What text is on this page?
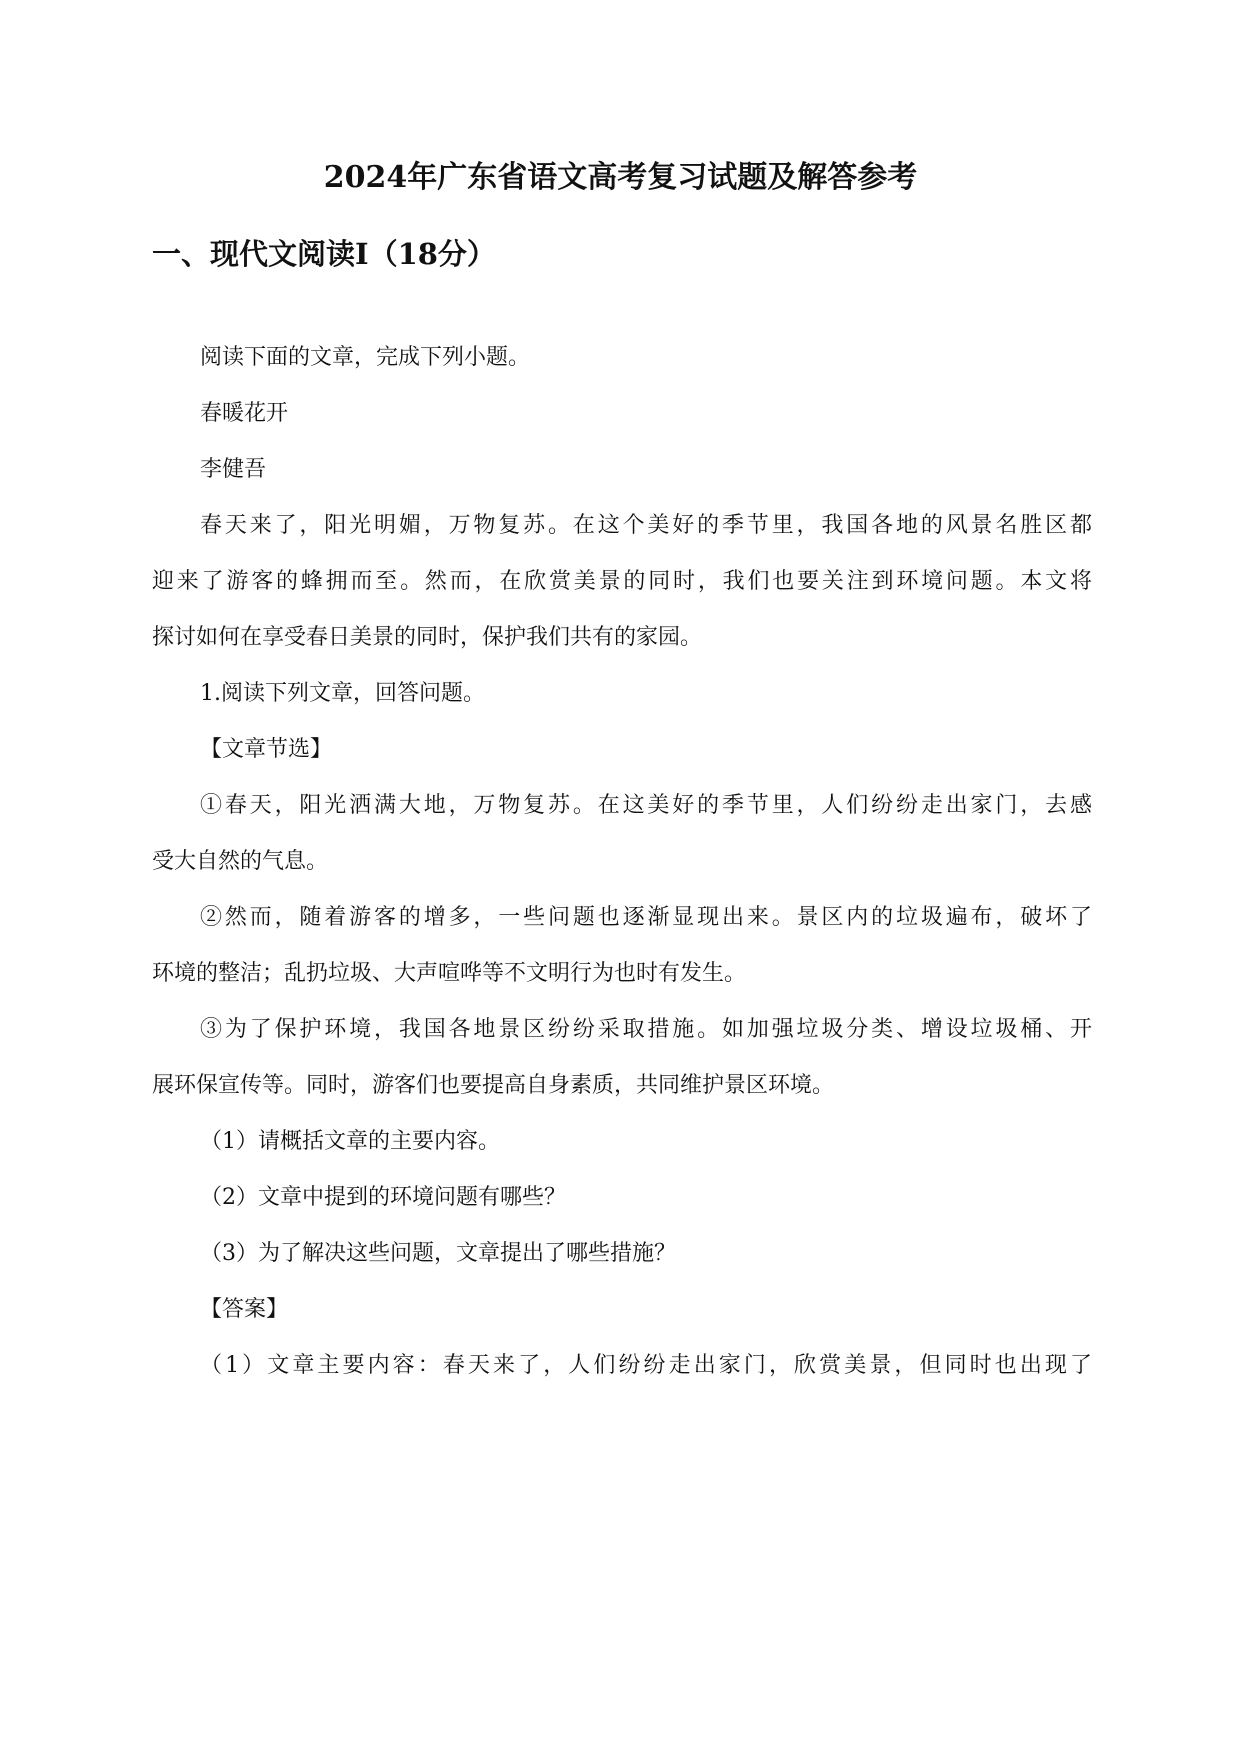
2024年广东省语文高考复习试题及解答参考
一、现代文阅读Ⅰ（18分）
阅读下面的文章，完成下列小题。
春暖花开
李健吾
春天来了，阳光明媚，万物复苏。在这个美好的季节里，我国各地的风景名胜区都
迎来了游客的蜂拥而至。然而，在欣赏美景的同时，我们也要关注到环境问题。本文将
探讨如何在享受春日美景的同时，保护我们共有的家园。
1.阅读下列文章，回答问题。
【文章节选】
①春天，阳光洒满大地，万物复苏。在这美好的季节里，人们纷纷走出家门，去感
受大自然的气息。
②然而，随着游客的增多，一些问题也逐渐显现出来。景区内的垃圾遍布，破坏了
环境的整洁；乱扔垃圾、大声喧哗等不文明行为也时有发生。
③为了保护环境，我国各地景区纷纷采取措施。如加强垃圾分类、增设垃圾桶、开
展环保宣传等。同时，游客们也要提高自身素质，共同维护景区环境。
（1）请概括文章的主要内容。
（2）文章中提到的环境问题有哪些？
（3）为了解决这些问题，文章提出了哪些措施？
【答案】
（1）文章主要内容：春天来了，人们纷纷走出家门，欣赏美景，但同时也出现了
